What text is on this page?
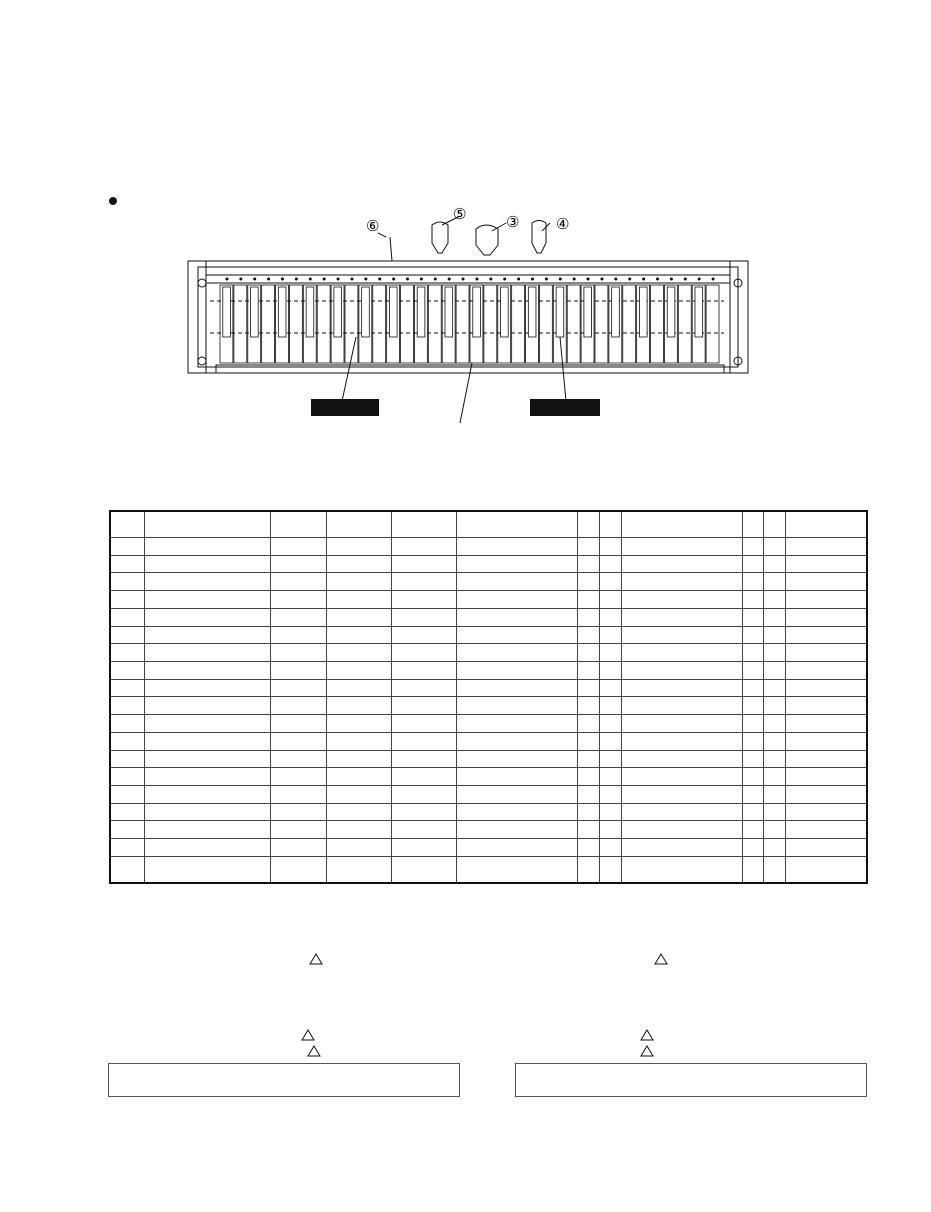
⑤	③ ④
⑥
